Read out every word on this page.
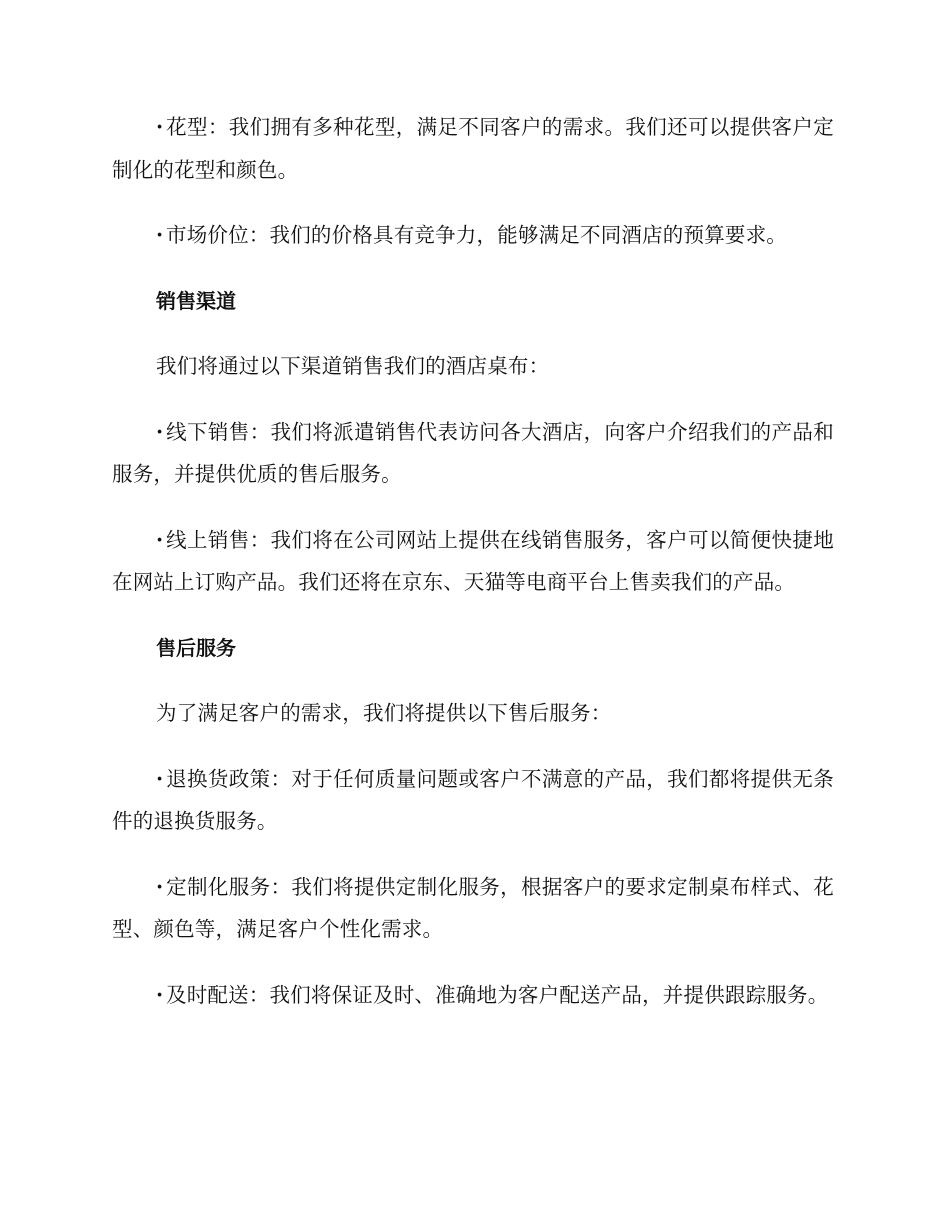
· 花型：我们拥有多种花型，满足不同客户的需求。我们还可以提供客户定制化的花型和颜色。

· 市场价位：我们的价格具有竞争力，能够满足不同酒店的预算要求。

销售渠道

我们将通过以下渠道销售我们的酒店桌布：

· 线下销售：我们将派遣销售代表访问各大酒店，向客户介绍我们的产品和服务，并提供优质的售后服务。

· 线上销售：我们将在公司网站上提供在线销售服务，客户可以简便快捷地在网站上订购产品。我们还将在京东、天猫等电商平台上售卖我们的产品。

售后服务

为了满足客户的需求，我们将提供以下售后服务：

· 退换货政策：对于任何质量问题或客户不满意的产品，我们都将提供无条件的退换货服务。

· 定制化服务：我们将提供定制化服务，根据客户的要求定制桌布样式、花型、颜色等，满足客户个性化需求。

· 及时配送：我们将保证及时、准确地为客户配送产品，并提供跟踪服务。
